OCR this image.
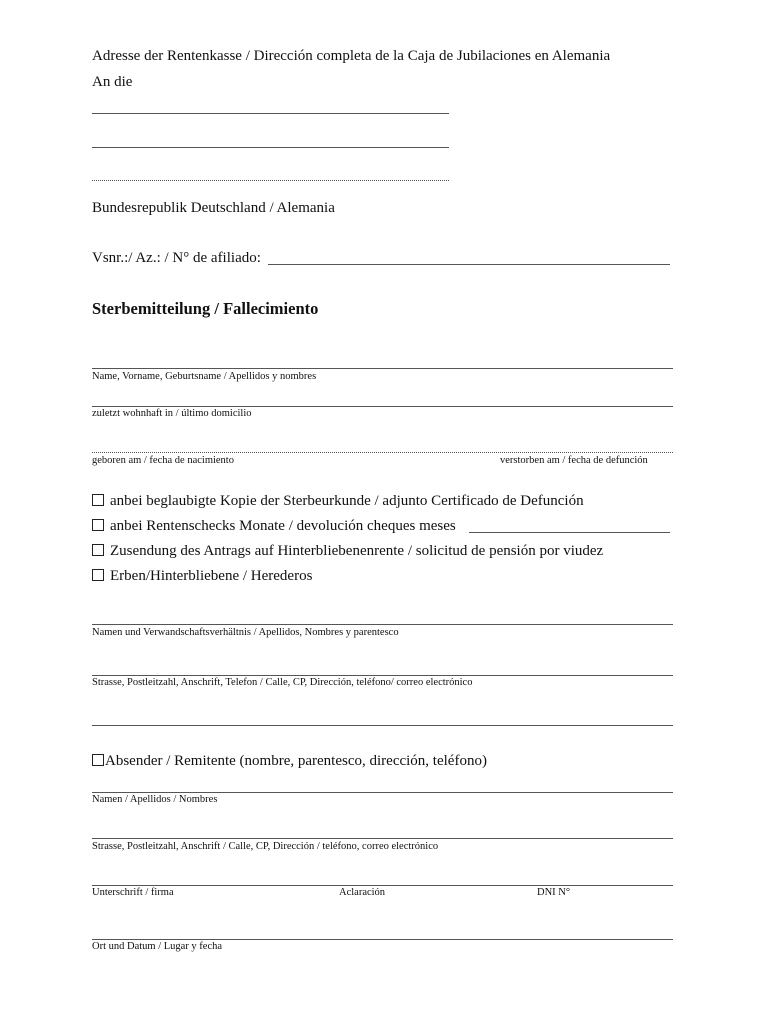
Adresse der Rentenkasse / Dirección completa de la Caja de Jubilaciones en Alemania
An die
Bundesrepublik Deutschland / Alemania
Vsnr.:/ Az.: / N° de afiliado:
Sterbemitteilung / Fallecimiento
Name, Vorname, Geburtsname / Apellidos y nombres
zuletzt wohnhaft in / último domicilio
geboren am / fecha de nacimiento	verstorben am / fecha de defunción
anbei beglaubigte Kopie der Sterbeurkunde / adjunto Certificado de Defunción
anbei Rentenschecks Monate / devolución cheques meses
Zusendung des Antrags auf Hinterbliebenenrente / solicitud de pensión por viudez
Erben/Hinterbliebene / Herederos
Namen und Verwandschaftsverhältnis / Apellidos, Nombres y parentesco
Strasse, Postleitzahl, Anschrift, Telefon / Calle, CP, Dirección, teléfono/ correo electrónico
Absender / Remitente (nombre, parentesco, dirección, teléfono)
Namen / Apellidos / Nombres
Strasse, Postleitzahl, Anschrift / Calle, CP, Dirección / teléfono, correo electrónico
Unterschrift / firma	Aclaración	DNI N°
Ort und Datum / Lugar y fecha
